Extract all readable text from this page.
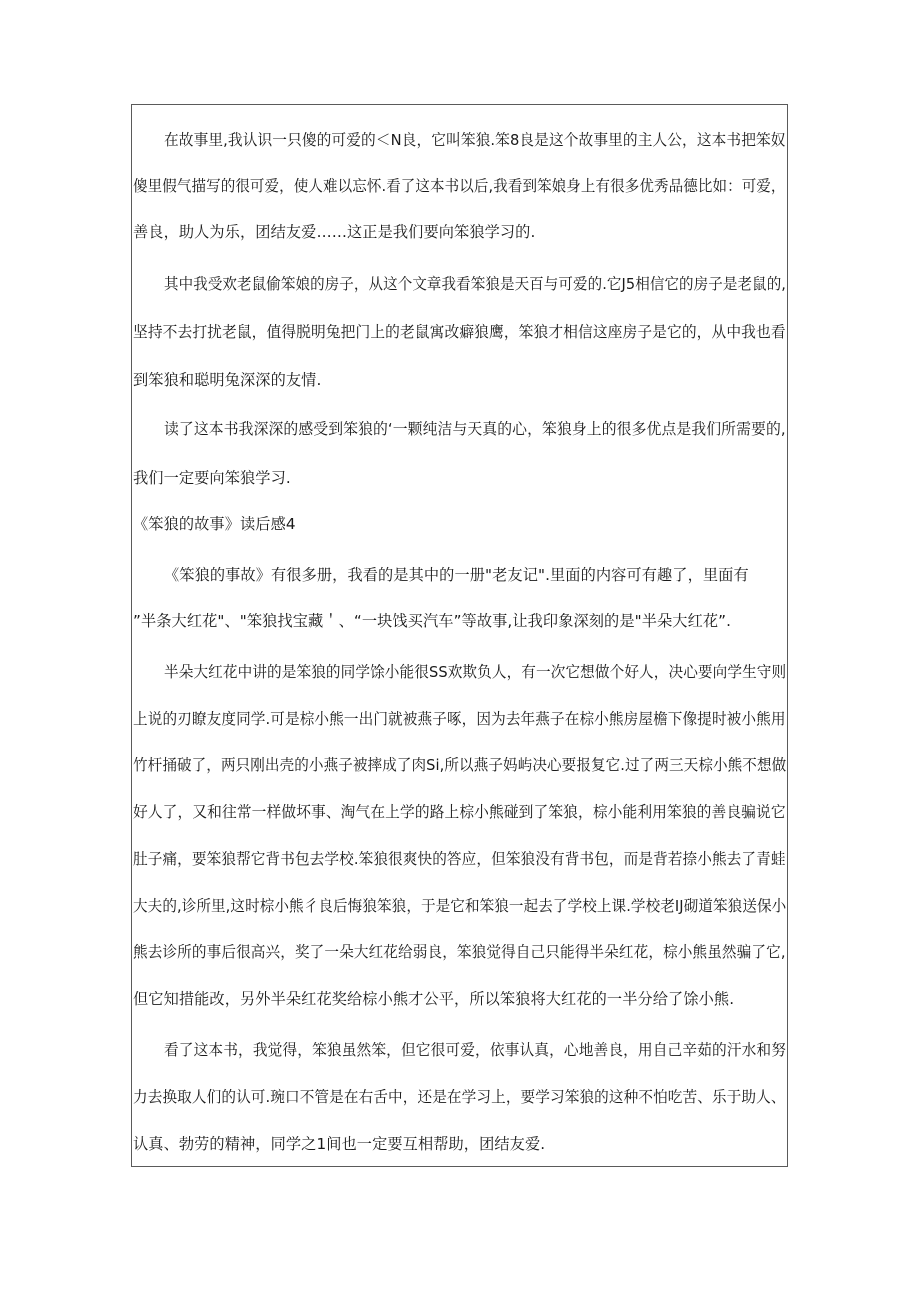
在故事里,我认识一只傻的可爱的＜N良，它叫笨狼.笨8良是这个故事里的主人公，这本书把笨奴
傻里假气描写的很可爱，使人难以忘怀.看了这本书以后,我看到笨娘身上有很多优秀品德比如：可爱，
善良，助人为乐，团结友爱……这正是我们要向笨狼学习的.
其中我受欢老鼠偷笨娘的房子，从这个文章我看笨狼是天百与可爱的.它J5相信它的房子是老鼠的,
坚持不去打扰老鼠，值得脱明兔把门上的老鼠寓改癖狼鹰，笨狼才相信这座房子是它的，从中我也看
到笨狼和聪明兔深深的友情.
读了这本书我深深的感受到笨狼的‘一颗纯洁与天真的心，笨狼身上的很多优点是我们所需要的,
我们一定要向笨狼学习.
《笨狼的故事》读后感4
《笨狼的事故》有很多册，我看的是其中的一册"老友记".里面的内容可有趣了，里面有
”半条大红花"、"笨狼找宝藏＇、“一块饯买汽车”等故事,让我印象深刻的是"半朵大红花”.
半朵大红花中讲的是笨狼的同学馀小能很SS欢欺负人，有一次它想做个好人，决心要向学生守则
上说的刃瞭友度同学.可是棕小熊一出门就被燕子啄，因为去年燕子在棕小熊房屋檐下像提时被小熊用
竹杆捅破了，两只刚出壳的小燕子被摔成了肉Si,所以燕子妈屿决心要报复它.过了两三天棕小熊不想做
好人了，又和往常一样做坏事、淘气在上学的路上棕小熊碰到了笨狼，棕小能利用笨狼的善良骗说它
肚子痛，要笨狼帮它背书包去学校.笨狼很爽快的答应，但笨狼没有背书包，而是背若捺小熊去了青蛙
大夫的,诊所里,这时棕小熊彳良后悔狼笨狼，于是它和笨狼一起去了学校上课.学校老IJ砌道笨狼送保小
熊去诊所的事后很高兴，奖了一朵大红花给弱良，笨狼觉得自己只能得半朵红花，棕小熊虽然骗了它,
但它知措能改，另外半朵红花奖给棕小熊才公平，所以笨狼将大红花的一半分给了馀小熊.
看了这本书，我觉得，笨狼虽然笨，但它很可爱，依事认真，心地善良，用自己辛茹的汗水和努
力去换取人们的认可.琬口不管是在右舌中，还是在学习上，要学习笨狼的这种不怕吃苦、乐于助人、
认真、勃劳的精神，同学之1间也一定要互相帮助，团结友爱.
